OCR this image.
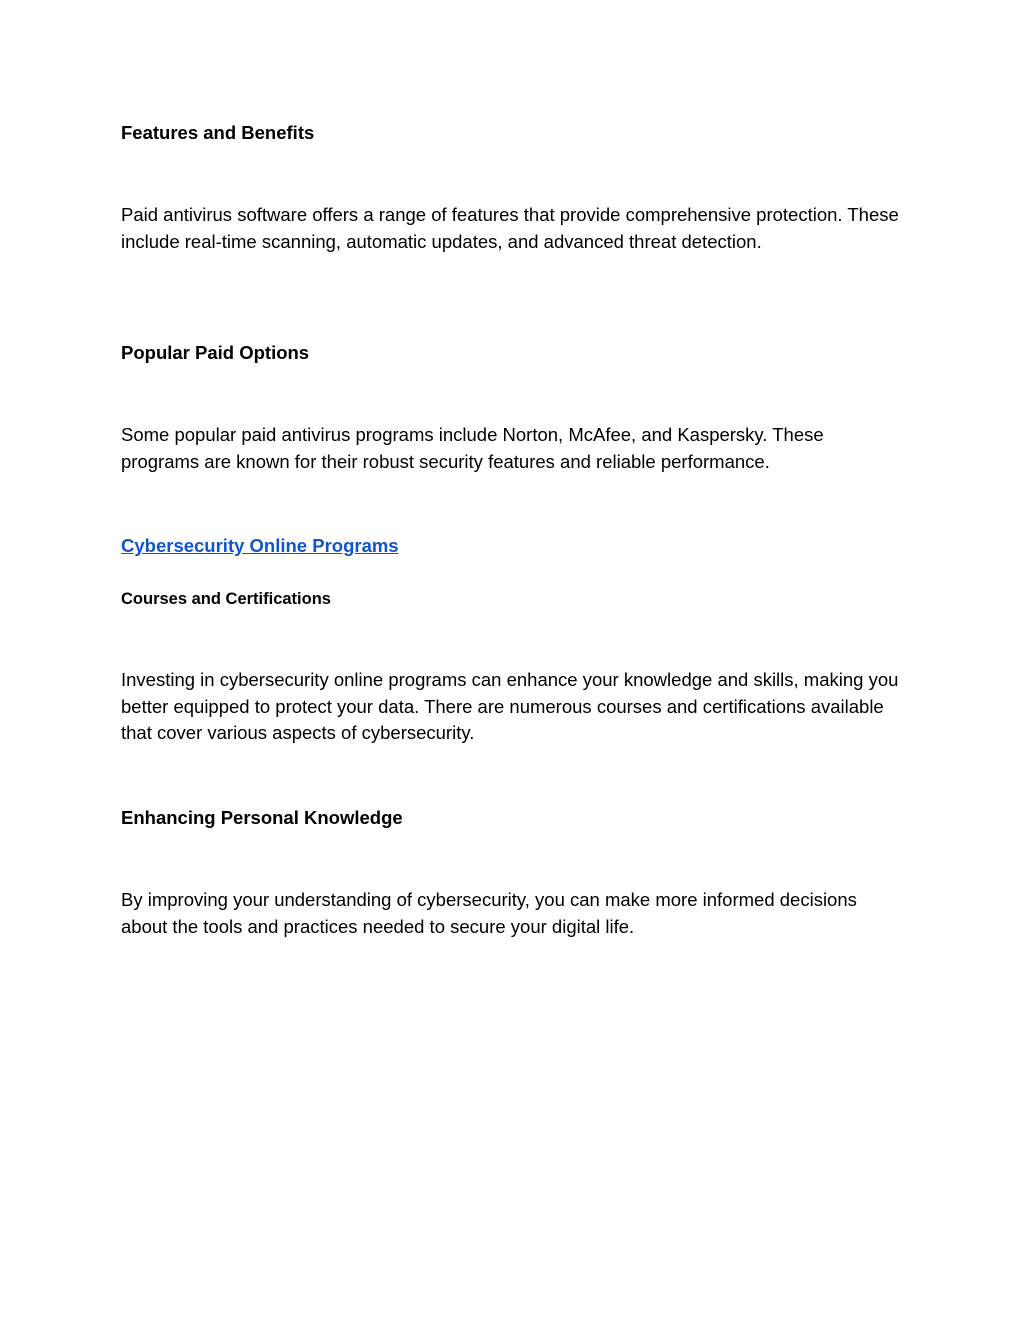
Features and Benefits

Paid antivirus software offers a range of features that provide comprehensive protection. These include real-time scanning, automatic updates, and advanced threat detection.

Popular Paid Options

Some popular paid antivirus programs include Norton, McAfee, and Kaspersky. These programs are known for their robust security features and reliable performance.

Cybersecurity Online Programs
Courses and Certifications

Investing in cybersecurity online programs can enhance your knowledge and skills, making you better equipped to protect your data. There are numerous courses and certifications available that cover various aspects of cybersecurity.

Enhancing Personal Knowledge

By improving your understanding of cybersecurity, you can make more informed decisions about the tools and practices needed to secure your digital life.
